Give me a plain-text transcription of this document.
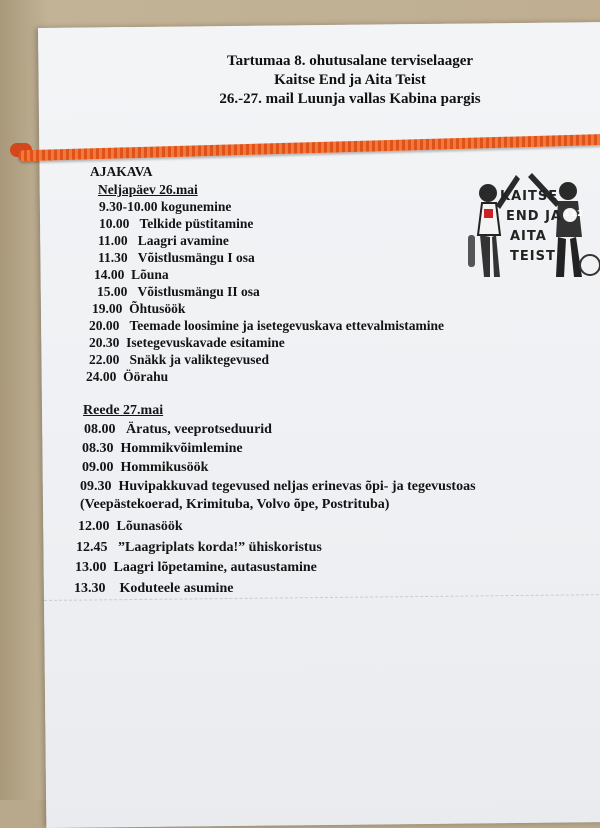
Tartumaa 8. ohutusalane terviselaager
Kaitse End ja Aita Teist
26.-27. mail Luunja vallas Kabina pargis
KAITSE
END JA
AITA
TEIST
112
AJAKAVA
Neljapäev 26.mai
9.30-10.00 kogunemine
10.00 Telkide püstitamine
11.00 Laagri avamine
11.30 Võistlusmängu I osa
14.00 Lõuna
15.00 Võistlusmängu II osa
19.00 Õhtusöök
20.00 Teemade loosimine ja isetegevuskava ettevalmistamine
20.30 Isetegevuskavade esitamine
22.00 Snäkk ja valiktegevused
24.00 Öörahu
Reede 27.mai
08.00 Äratus, veeprotseduurid
08.30 Hommikvõimlemine
09.00 Hommikusöök
09.30 Huvipakkuvad tegevused neljas erinevas õpi- ja tegevustoas
(Veepästekoerad, Krimituba, Volvo õpe, Postrituba)
12.00 Lõunasöök
12.45 ”Laagriplats korda!” ühiskoristus
13.00 Laagri lõpetamine, autasustamine
13.30 Koduteele asumine
